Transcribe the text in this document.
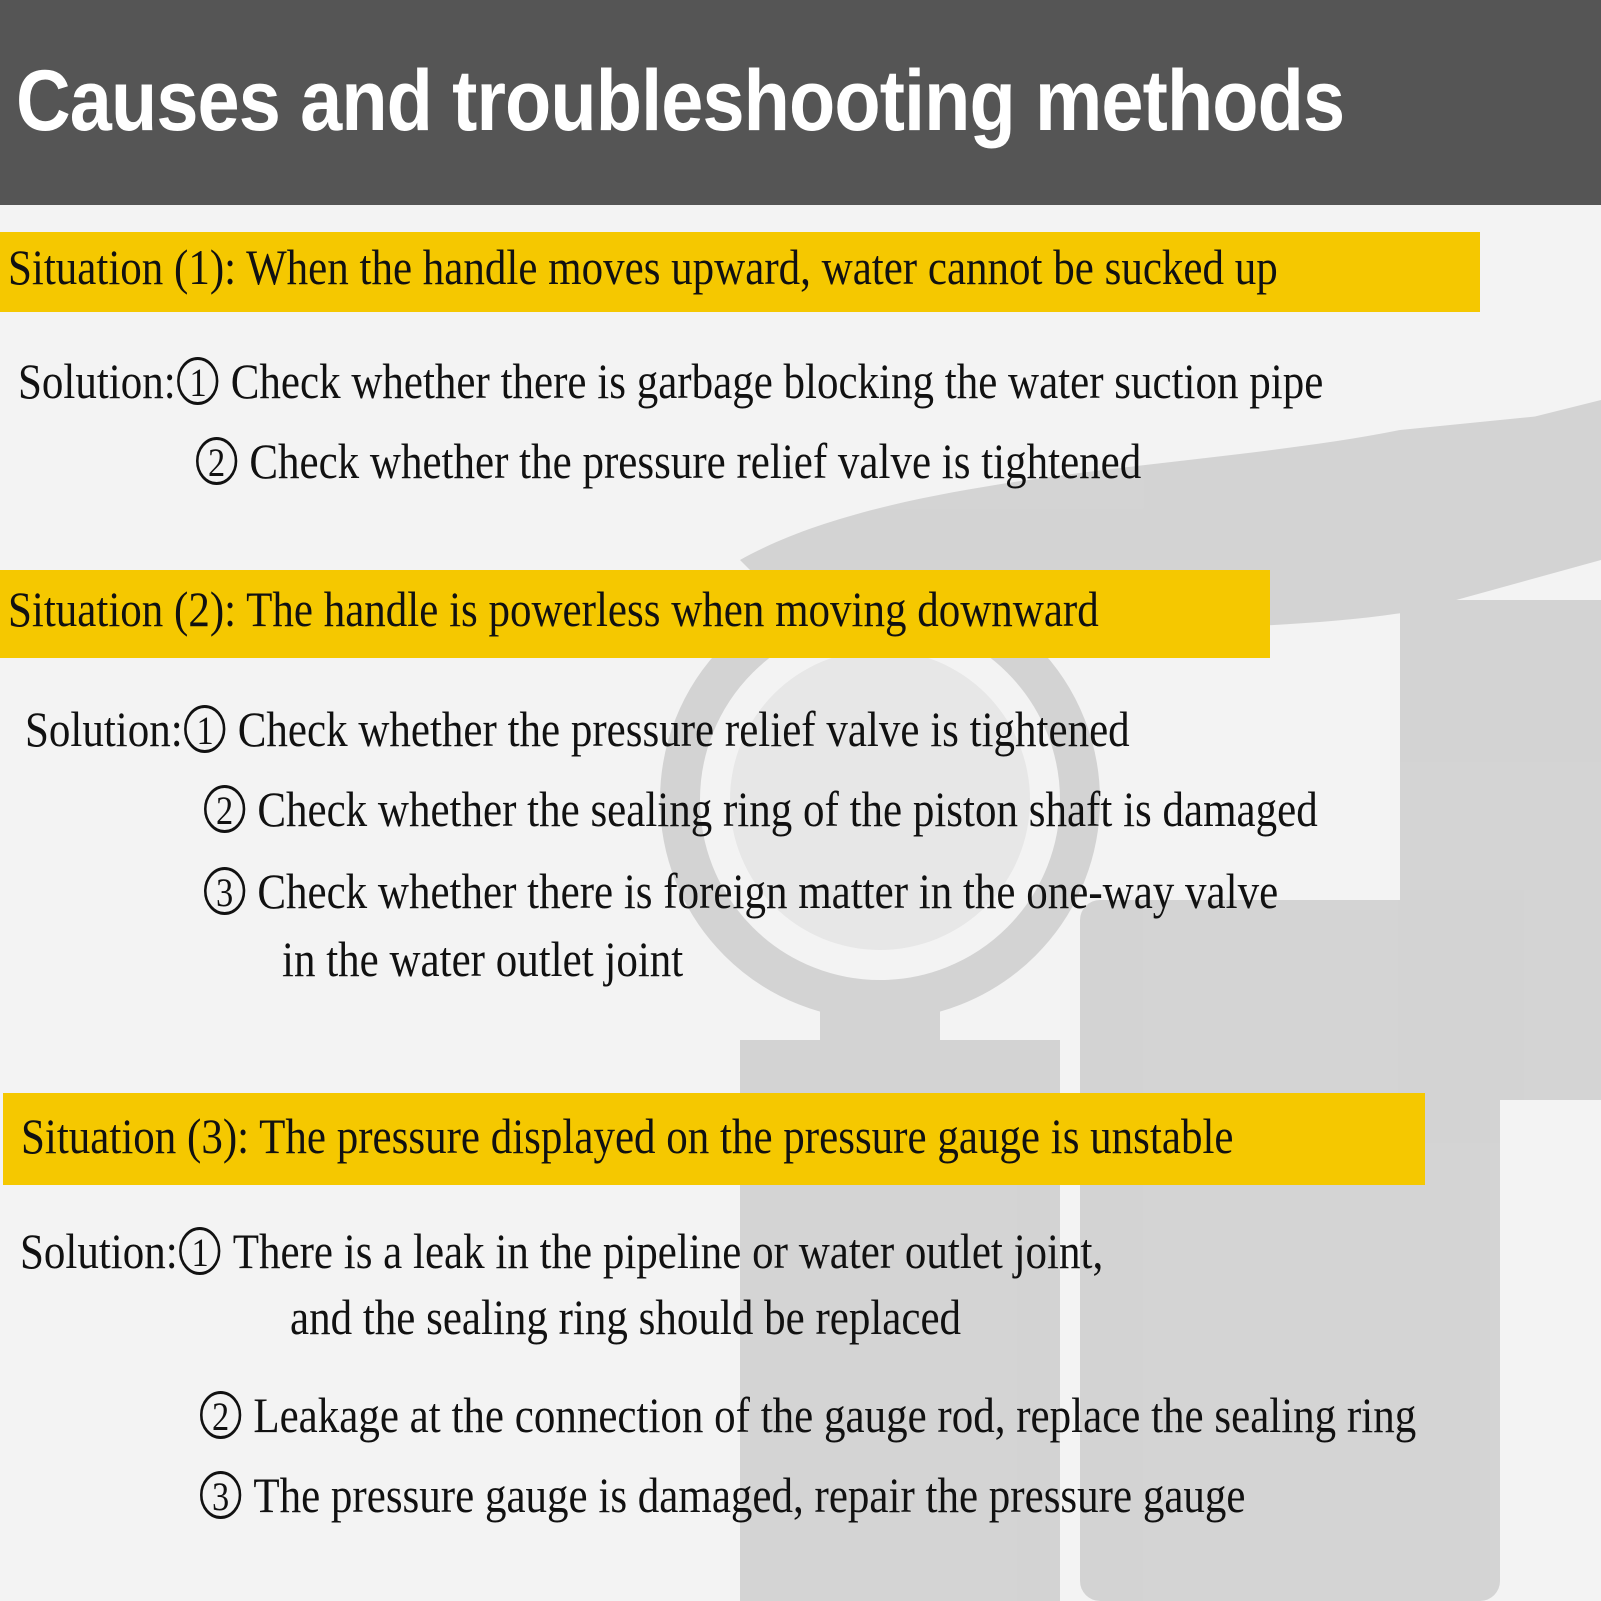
Causes and troubleshooting methods
Situation (1): When the handle moves upward, water cannot be sucked up
Solution: 1 Check whether there is garbage blocking the water suction pipe
2 Check whether the pressure relief valve is tightened
Situation (2): The handle is powerless when moving downward
Solution: 1 Check whether the pressure relief valve is tightened
2 Check whether the sealing ring of the piston shaft is damaged
3 Check whether there is foreign matter in the one-way valve
in the water outlet joint
Situation (3): The pressure displayed on the pressure gauge is unstable
Solution: 1 There is a leak in the pipeline or water outlet joint,
and the sealing ring should be replaced
2 Leakage at the connection of the gauge rod, replace the sealing ring
3 The pressure gauge is damaged, repair the pressure gauge
